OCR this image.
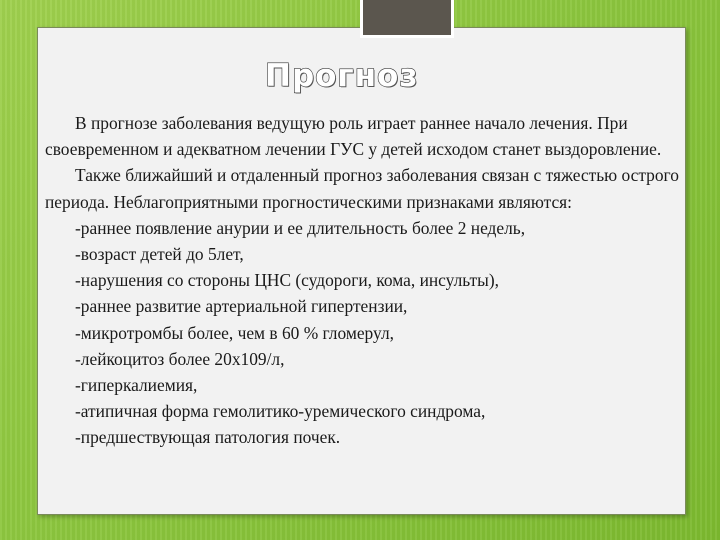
Прогноз

В прогнозе заболевания ведущую роль играет раннее начало лечения. При своевременном и адекватном лечении ГУС у детей исходом станет выздоровление.

Также ближайший и отдаленный прогноз заболевания связан с тяжестью острого периода. Неблагоприятными прогностическими признаками являются:

-раннее появление анурии и ее длительность более 2 недель,
-возраст детей до 5лет,
-нарушения со стороны ЦНС (судороги, кома, инсульты),
-раннее развитие артериальной гипертензии,
-микротромбы более, чем в 60 % гломерул,
-лейкоцитоз более 20х109/л,
-гиперкалиемия,
-атипичная форма гемолитико-уремического синдрома,
-предшествующая патология почек.
